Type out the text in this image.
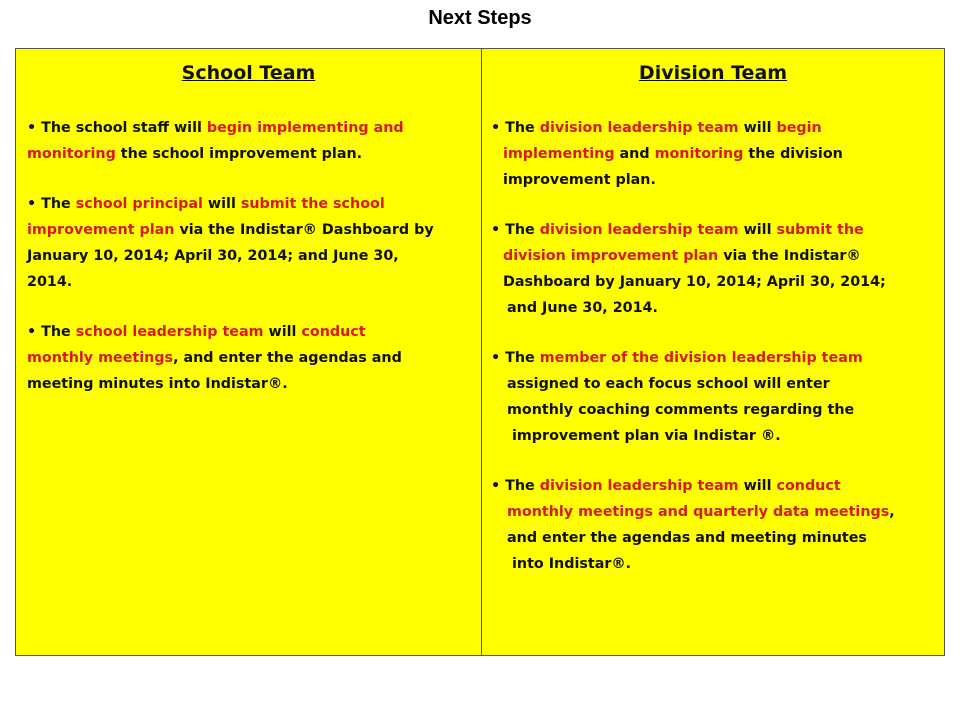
Next Steps
School Team
• The school staff will begin implementing and
monitoring the school improvement plan.
• The school principal will submit the school
improvement plan via the Indistar® Dashboard by
January 10, 2014; April 30, 2014; and June 30,
2014.
• The school leadership team will conduct
monthly meetings, and enter the agendas and
meeting minutes into Indistar®.
Division Team
• The division leadership team will begin
implementing and monitoring the division
improvement plan.
• The division leadership team will submit the
division improvement plan via the Indistar®
Dashboard by January 10, 2014; April 30, 2014;
and June 30, 2014.
• The member of the division leadership team
assigned to each focus school will enter
monthly coaching comments regarding the
improvement plan via Indistar ®.
• The division leadership team will conduct
monthly meetings and quarterly data meetings,
and enter the agendas and meeting minutes
into Indistar®.
